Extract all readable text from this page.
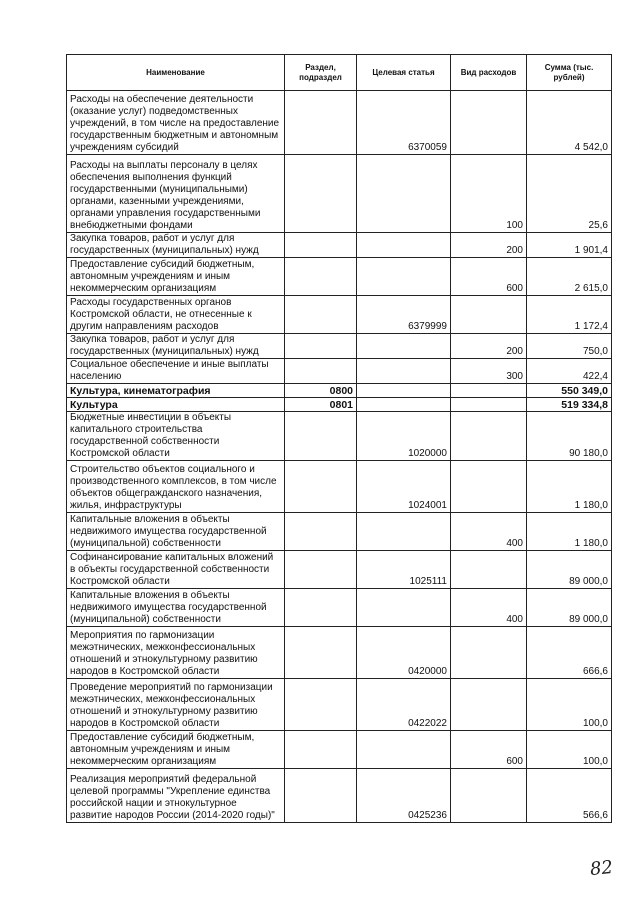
Наименование	Раздел, подраздел	Целевая статья	Вид расходов	Сумма (тыс. рублей)
Расходы на обеспечение деятельности (оказание услуг) подведомственных учреждений, в том числе на предоставление государственным бюджетным и автономным учреждениям субсидий		6370059		4 542,0
Расходы на выплаты персоналу в целях обеспечения выполнения функций государственными (муниципальными) органами, казенными учреждениями, органами управления государственными внебюджетными фондами			100	25,6
Закупка товаров, работ и услуг для государственных (муниципальных) нужд			200	1 901,4
Предоставление субсидий бюджетным, автономным учреждениям и иным некоммерческим организациям			600	2 615,0
Расходы государственных органов Костромской области, не отнесенные к другим направлениям расходов		6379999		1 172,4
Закупка товаров, работ и услуг для государственных (муниципальных) нужд			200	750,0
Социальное обеспечение и иные выплаты населению			300	422,4
Культура, кинематография	0800			550 349,0
Культура	0801			519 334,8
Бюджетные инвестиции в объекты капитального строительства государственной собственности Костромской области		1020000		90 180,0
Строительство объектов социального и производственного комплексов, в том числе объектов общегражданского назначения, жилья, инфраструктуры		1024001		1 180,0
Капитальные вложения в объекты недвижимого имущества государственной (муниципальной) собственности			400	1 180,0
Софинансирование капитальных вложений в объекты государственной собственности Костромской области		1025111		89 000,0
Капитальные вложения в объекты недвижимого имущества государственной (муниципальной) собственности			400	89 000,0
Мероприятия по гармонизации межэтнических, межконфессиональных отношений и этнокультурному развитию народов в Костромской области		0420000		666,6
Проведение мероприятий по гармонизации межэтнических, межконфессиональных отношений и этнокультурному развитию народов в Костромской области		0422022		100,0
Предоставление субсидий бюджетным, автономным учреждениям и иным некоммерческим организациям			600	100,0
Реализация мероприятий федеральной целевой программы "Укрепление единства российской нации и этнокультурное развитие народов России (2014-2020 годы)"		0425236		566,6
82
